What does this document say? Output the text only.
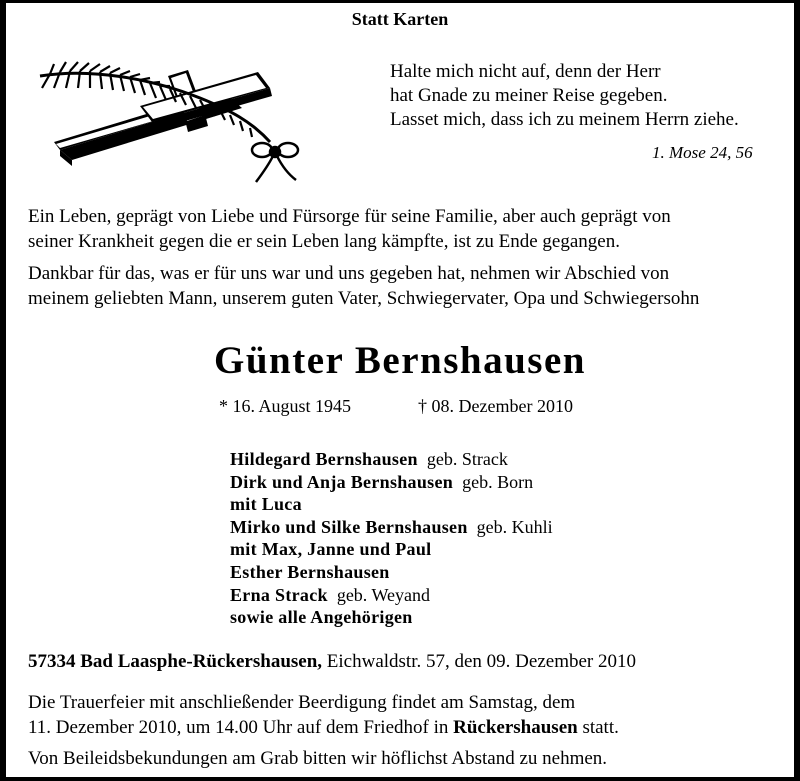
Statt Karten
Halte mich nicht auf, denn der Herr
hat Gnade zu meiner Reise gegeben.
Lasset mich, dass ich zu meinem Herrn ziehe.
1. Mose 24, 56
Ein Leben, geprägt von Liebe und Fürsorge für seine Familie, aber auch geprägt von
seiner Krankheit gegen die er sein Leben lang kämpfte, ist zu Ende gegangen.
Dankbar für das, was er für uns war und uns gegeben hat, nehmen wir Abschied von
meinem geliebten Mann, unserem guten Vater, Schwiegervater, Opa und Schwiegersohn
Günter Bernshausen
* 16. August 1945	† 08. Dezember 2010
Hildegard Bernshausen geb. Strack
Dirk und Anja Bernshausen geb. Born
mit Luca
Mirko und Silke Bernshausen geb. Kuhli
mit Max, Janne und Paul
Esther Bernshausen
Erna Strack geb. Weyand
sowie alle Angehörigen
57334 Bad Laasphe-Rückershausen, Eichwaldstr. 57, den 09. Dezember 2010
Die Trauerfeier mit anschließender Beerdigung findet am Samstag, dem
11. Dezember 2010, um 14.00 Uhr auf dem Friedhof in Rückershausen statt.
Von Beileidsbekundungen am Grab bitten wir höflichst Abstand zu nehmen.
